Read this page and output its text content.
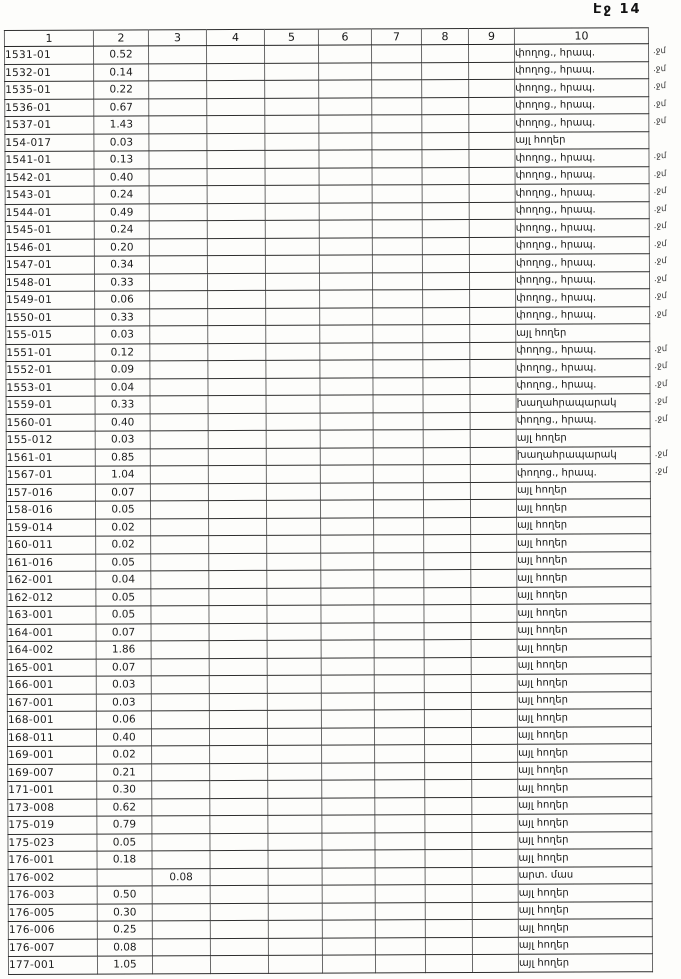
Էջ 14
1	2	3	4	5	6	7	8	9	10
1531-01	0.52								փողոց., հրապ.
1532-01	0.14								փողոց., հրապ.
1535-01	0.22								փողոց., հրապ.
1536-01	0.67								փողոց., հրապ.
1537-01	1.43								փողոց., հրապ.
154-017	0.03								այլ հողեր
1541-01	0.13								փողոց., հրապ.
1542-01	0.40								փողոց., հրապ.
1543-01	0.24								փողոց., հրապ.
1544-01	0.49								փողոց., հրապ.
1545-01	0.24								փողոց., հրապ.
1546-01	0.20								փողոց., հրապ.
1547-01	0.34								փողոց., հրապ.
1548-01	0.33								փողոց., հրապ.
1549-01	0.06								փողոց., հրապ.
1550-01	0.33								փողոց., հրապ.
155-015	0.03								այլ հողեր
1551-01	0.12								փողոց., հրապ.
1552-01	0.09								փողոց., հրապ.
1553-01	0.04								փողոց., հրապ.
1559-01	0.33								խաղահրապարակ
1560-01	0.40								փողոց., հրապ.
155-012	0.03								այլ հողեր
1561-01	0.85								խաղահրապարակ
1567-01	1.04								փողոց., հրապ.
157-016	0.07								այլ հողեր
158-016	0.05								այլ հողեր
159-014	0.02								այլ հողեր
160-011	0.02								այլ հողեր
161-016	0.05								այլ հողեր
162-001	0.04								այլ հողեր
162-012	0.05								այլ հողեր
163-001	0.05								այլ հողեր
164-001	0.07								այլ հողեր
164-002	1.86								այլ հողեր
165-001	0.07								այլ հողեր
166-001	0.03								այլ հողեր
167-001	0.03								այլ հողեր
168-001	0.06								այլ հողեր
168-011	0.40								այլ հողեր
169-001	0.02								այլ հողեր
169-007	0.21								այլ հողեր
171-001	0.30								այլ հողեր
173-008	0.62								այլ հողեր
175-019	0.79								այլ հողեր
175-023	0.05								այլ հողեր
176-001	0.18								այլ հողեր
176-002		0.08							արտ. մաս
176-003	0.50								այլ հողեր
176-005	0.30								այլ հողեր
176-006	0.25								այլ հողեր
176-007	0.08								այլ հողեր
177-001	1.05								այլ հողեր
.ջմ
.ջմ
.ջմ
.ջմ
.ջմ
.ջմ
.ջմ
.ջմ
.ջմ
.ջմ
.ջմ
.ջմ
.ջմ
.ջմ
.ջմ
.ջմ
.ջմ
.ջմ
.ջմ
.ջմ
.ջմ
.ջմ
